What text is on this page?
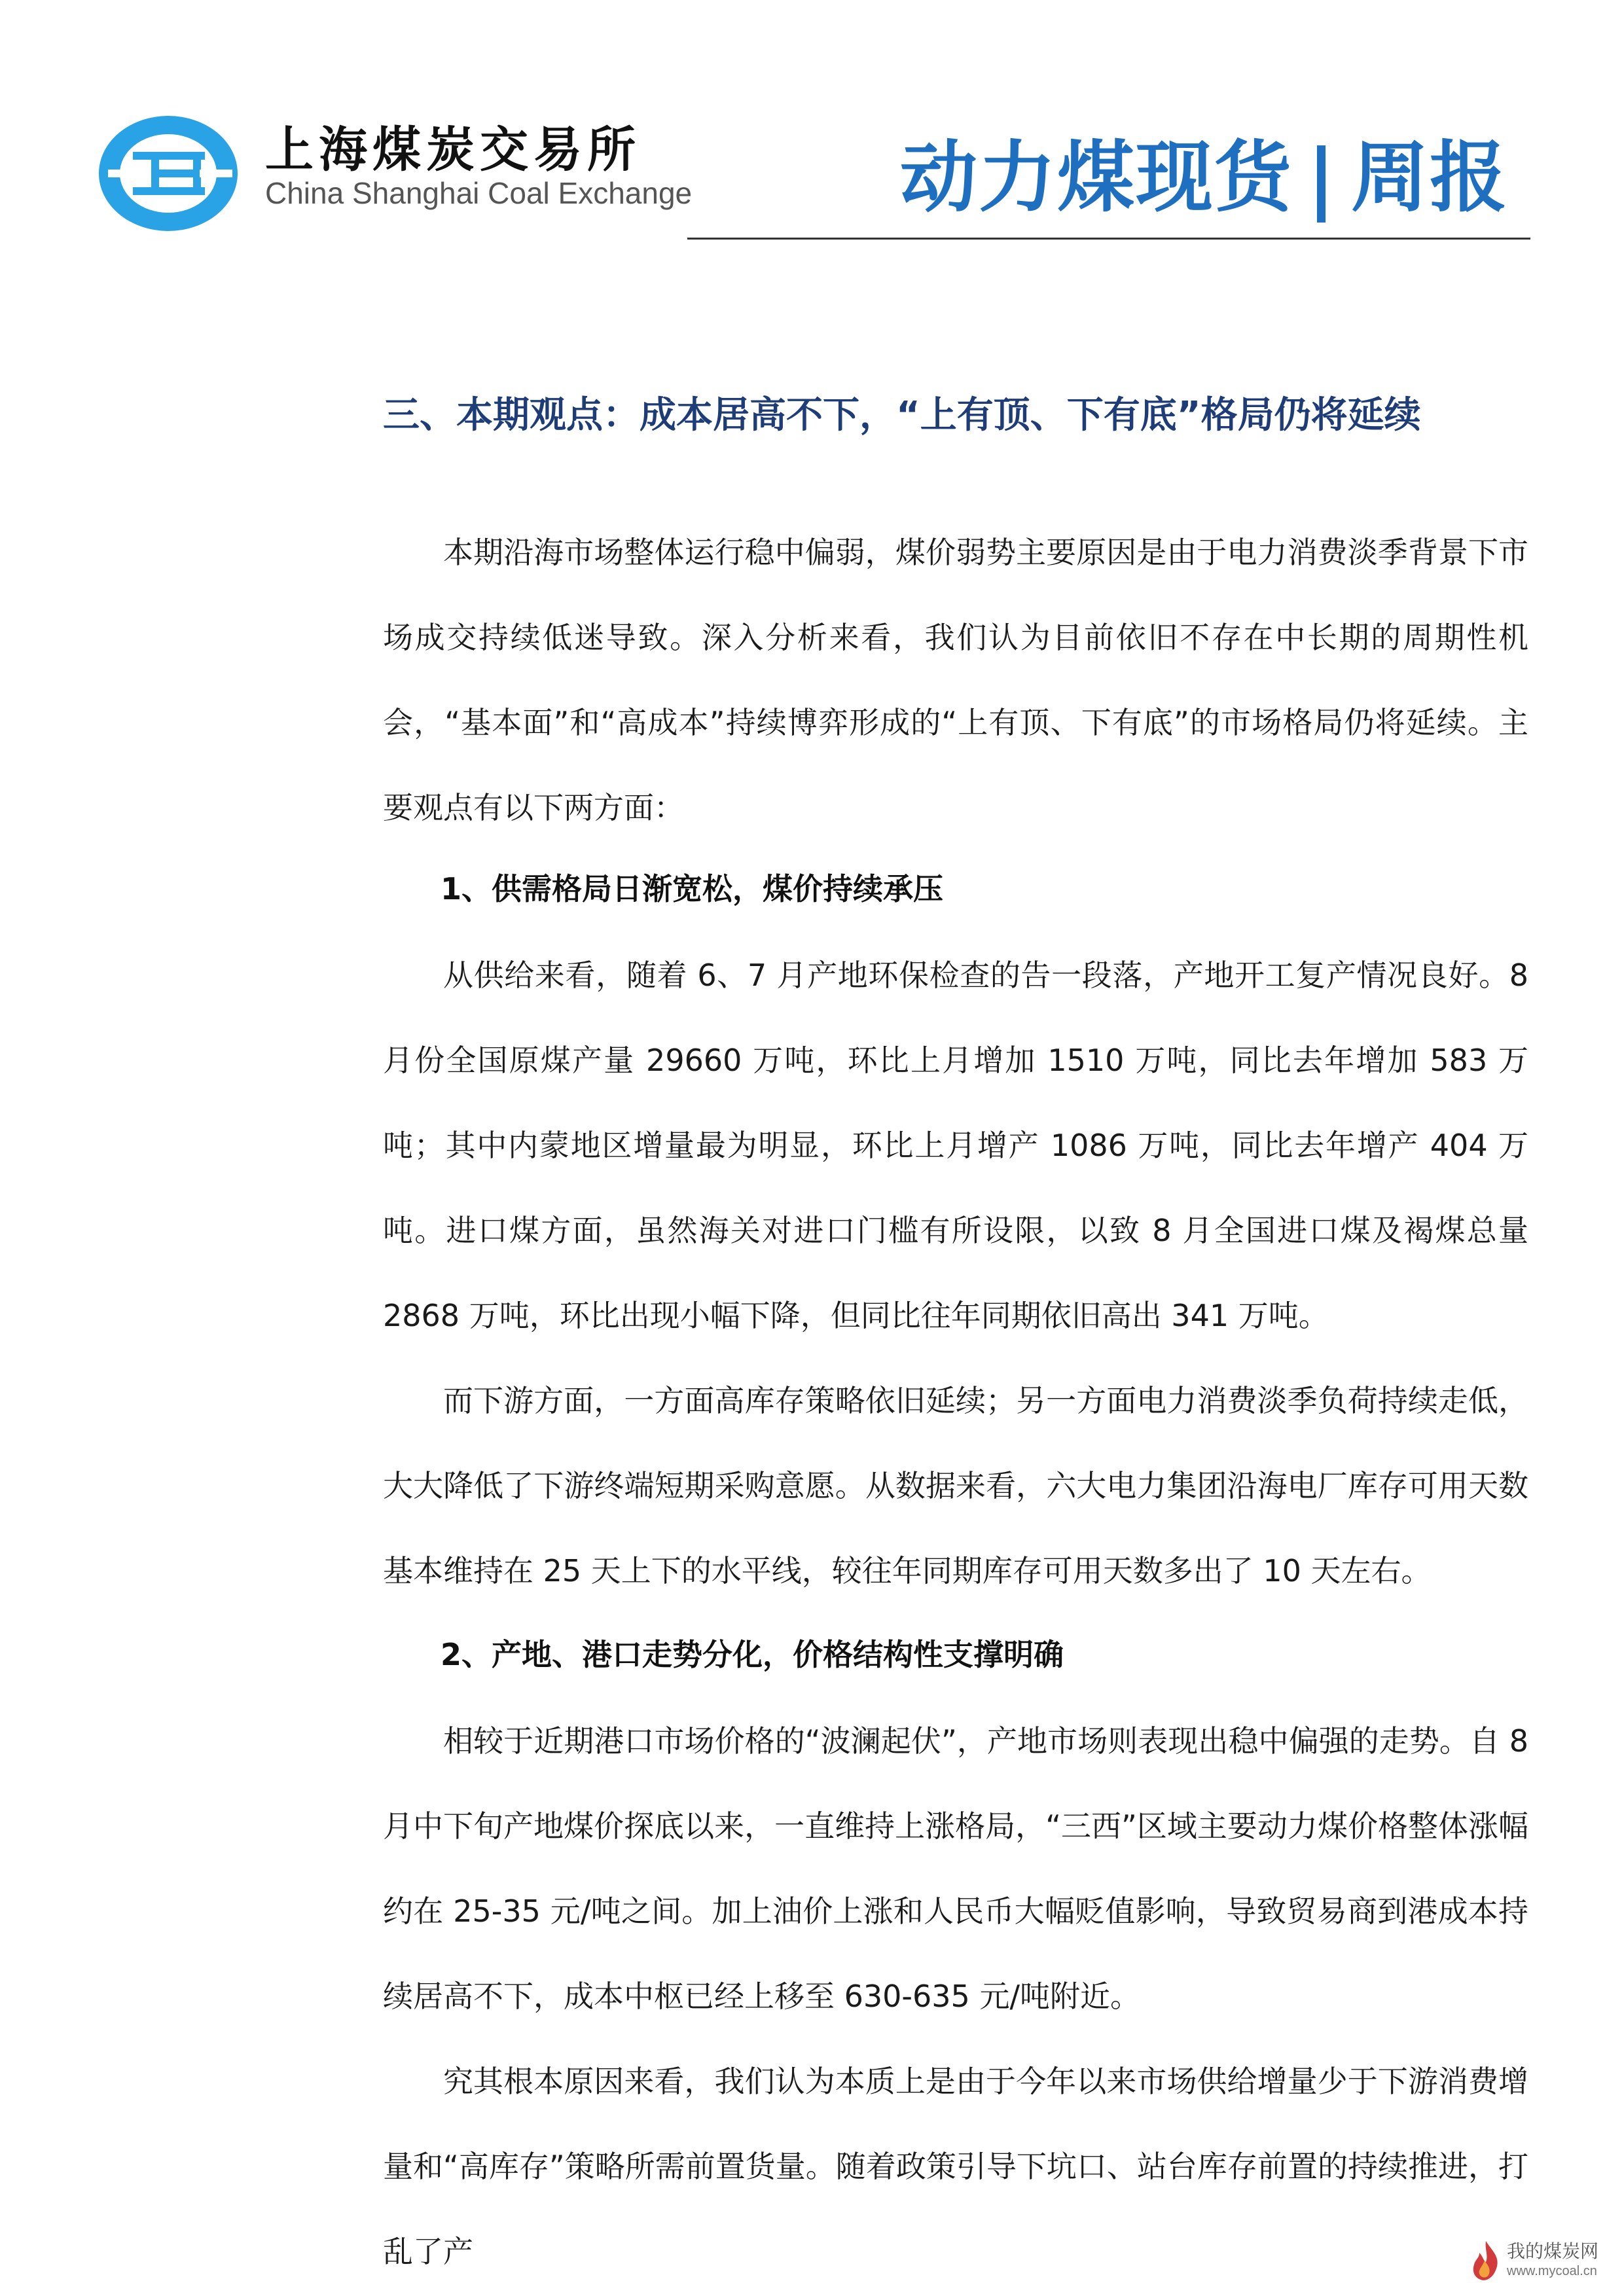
上海煤炭交易所
China Shanghai Coal Exchange	动力煤现货 | 周报
三、本期观点：成本居高不下，“上有顶、下有底”格局仍将延续
本期沿海市场整体运行稳中偏弱，煤价弱势主要原因是由于电力消费淡季背景下市场成交持续低迷导致。深入分析来看，我们认为目前依旧不存在中长期的周期性机会，“基本面”和“高成本”持续博弈形成的“上有顶、下有底”的市场格局仍将延续。主要观点有以下两方面：
1、供需格局日渐宽松，煤价持续承压
从供给来看，随着 6、7 月产地环保检查的告一段落，产地开工复产情况良好。8 月份全国原煤产量 29660 万吨，环比上月增加 1510 万吨，同比去年增加 583 万吨；其中内蒙地区增量最为明显，环比上月增产 1086 万吨，同比去年增产 404 万吨。进口煤方面，虽然海关对进口门槛有所设限，以致 8 月全国进口煤及褐煤总量 2868 万吨，环比出现小幅下降，但同比往年同期依旧高出 341 万吨。
而下游方面，一方面高库存策略依旧延续；另一方面电力消费淡季负荷持续走低，大大降低了下游终端短期采购意愿。从数据来看，六大电力集团沿海电厂库存可用天数基本维持在 25 天上下的水平线，较往年同期库存可用天数多出了 10 天左右。
2、产地、港口走势分化，价格结构性支撑明确
相较于近期港口市场价格的“波澜起伏”，产地市场则表现出稳中偏强的走势。自 8 月中下旬产地煤价探底以来，一直维持上涨格局，“三西”区域主要动力煤价格整体涨幅约在 25-35 元/吨之间。加上油价上涨和人民币大幅贬值影响，导致贸易商到港成本持续居高不下，成本中枢已经上移至 630-635 元/吨附近。
究其根本原因来看，我们认为本质上是由于今年以来市场供给增量少于下游消费增量和“高库存”策略所需前置货量。随着政策引导下坑口、站台库存前置的持续推进，打乱了产	我的煤炭网
www.mycoal.cn
